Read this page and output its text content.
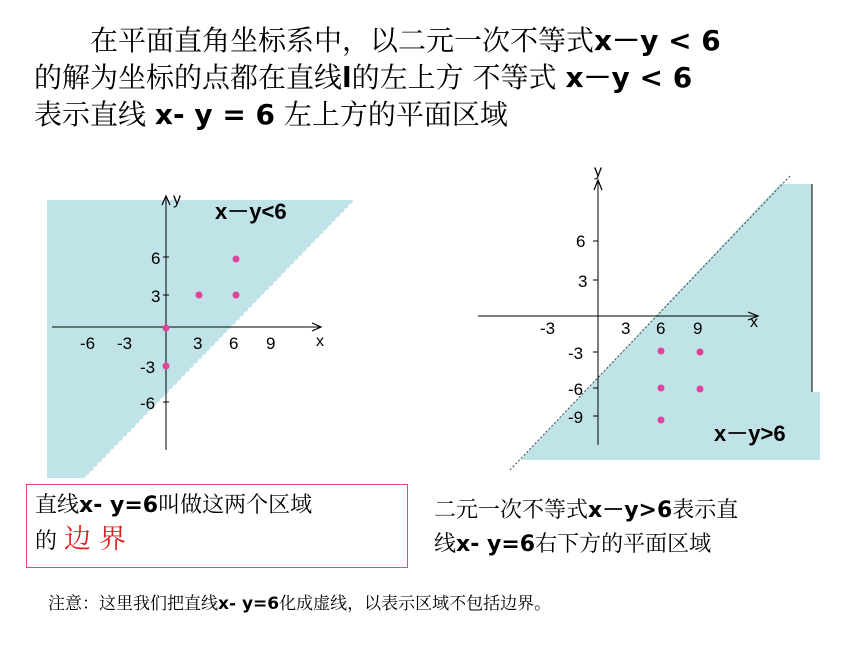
在平面直角坐标系中，以二元一次不等式x－y < 6

的解为坐标的点都在直线l的左上方 不等式 x－y < 6

表示直线 x- y = 6 左上方的平面区域

x
y
-6 -3	3 6 9
6
3
-3
-6
x－y<6
x
y
-3	3 6 9
6
3
-3
-6
-9
x－y>6
直线x- y=6叫做这两个区域
的 边界
二元一次不等式x－y>6表示直
线x- y=6右下方的平面区域
注意：这里我们把直线x- y=6化成虚线，以表示区域不包括边界。
